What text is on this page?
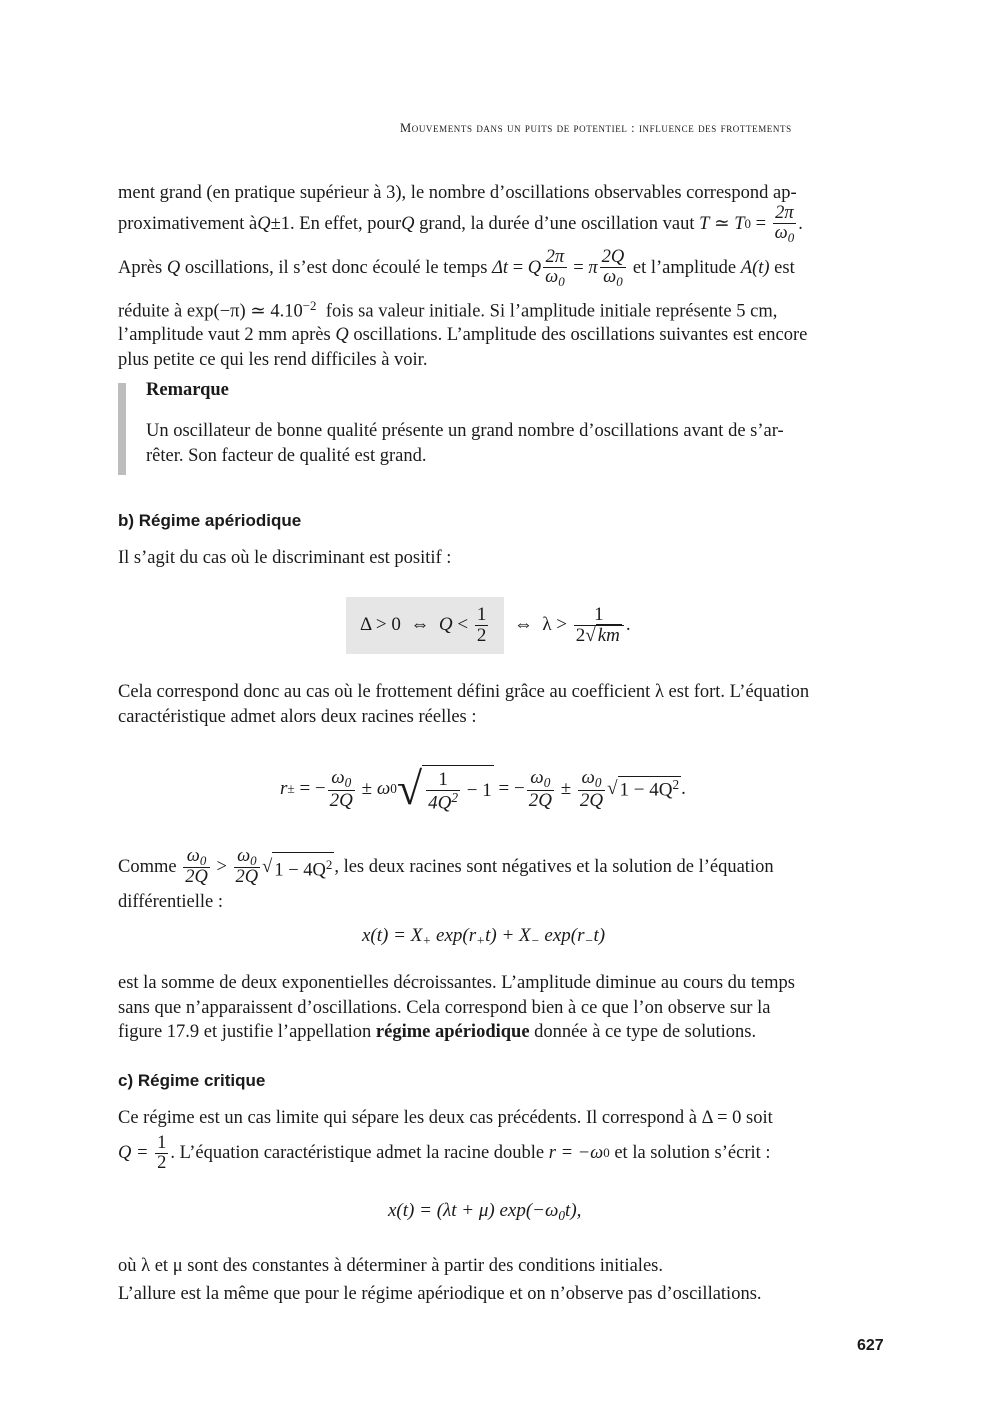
Mouvements dans un puits de potentiel : influence des frottements
ment grand (en pratique supérieur à 3), le nombre d’oscillations observables correspond ap-
proximativement à Q ±1. En effet, pour Q grand, la durée d’une oscillation vaut T ≃ T $0 = \frac{2\pi}{\omega_0}$ .
Après Q oscillations, il s’est donc écoulé le temps Δt = Q $\frac{2\pi}{\omega_0} = \pi \frac{2Q}{\omega_0}$ et l’amplitude A(t) est
réduite à exp(−π) ≃ $4.10^{-2}$  fois sa valeur initiale. Si l’amplitude initiale représente 5 cm,
l’amplitude vaut 2 mm après Q oscillations. L’amplitude des oscillations suivantes est encore
plus petite ce qui les rend difficiles à voir.
Remarque
Un oscillateur de bonne qualité présente un grand nombre d’oscillations avant de s’ar-
rêter. Son facteur de qualité est grand.
b) Régime apériodique
Il s’agit du cas où le discriminant est positif :
Δ > 0  ⇔ $Q < \frac{1}{2}$ ⇔  $\lambda > \frac{1}{2√ km}$ .
Cela correspond donc au cas où le frottement défini grâce au coefficient λ est fort. L’équation
caractéristique admet alors deux racines réelles :
r ± = − $\frac{\omega_0}{2Q} \pm \omega$ 0 √ $\frac{1}{4Q^2} - 1$ = − $\frac{\omega_0}{2Q} \pm \frac{\omega_0}{2Q}$ √ $1 - 4Q^2$ .
Comme $\frac{\omega_0}{2Q} > \frac{\omega_0}{2Q}$ √ $1 - 4Q^2$ , les deux racines sont négatives et la solution de l’équation
différentielle :
$x(t) = X_+$ $\exp(r_+t) + X_-$ $\exp(r_-t)$
est la somme de deux exponentielles décroissantes. L’amplitude diminue au cours du temps
sans que n’apparaissent d’oscillations. Cela correspond bien à ce que l’on observe sur la
figure 17.9 et justifie l’appellation régime apériodique donnée à ce type de solutions.
c) Régime critique
Ce régime est un cas limite qui sépare les deux cas précédents. Il correspond à Δ = 0 soit
$Q = \frac{1}{2}$ . L’équation caractéristique admet la racine double r = −ω 0 et la solution s’écrit :
x(t) = (λt + μ) $\exp(-\omega_0t)$,
où λ et μ sont des constantes à déterminer à partir des conditions initiales.
L’allure est la même que pour le régime apériodique et on n’observe pas d’oscillations.
627
